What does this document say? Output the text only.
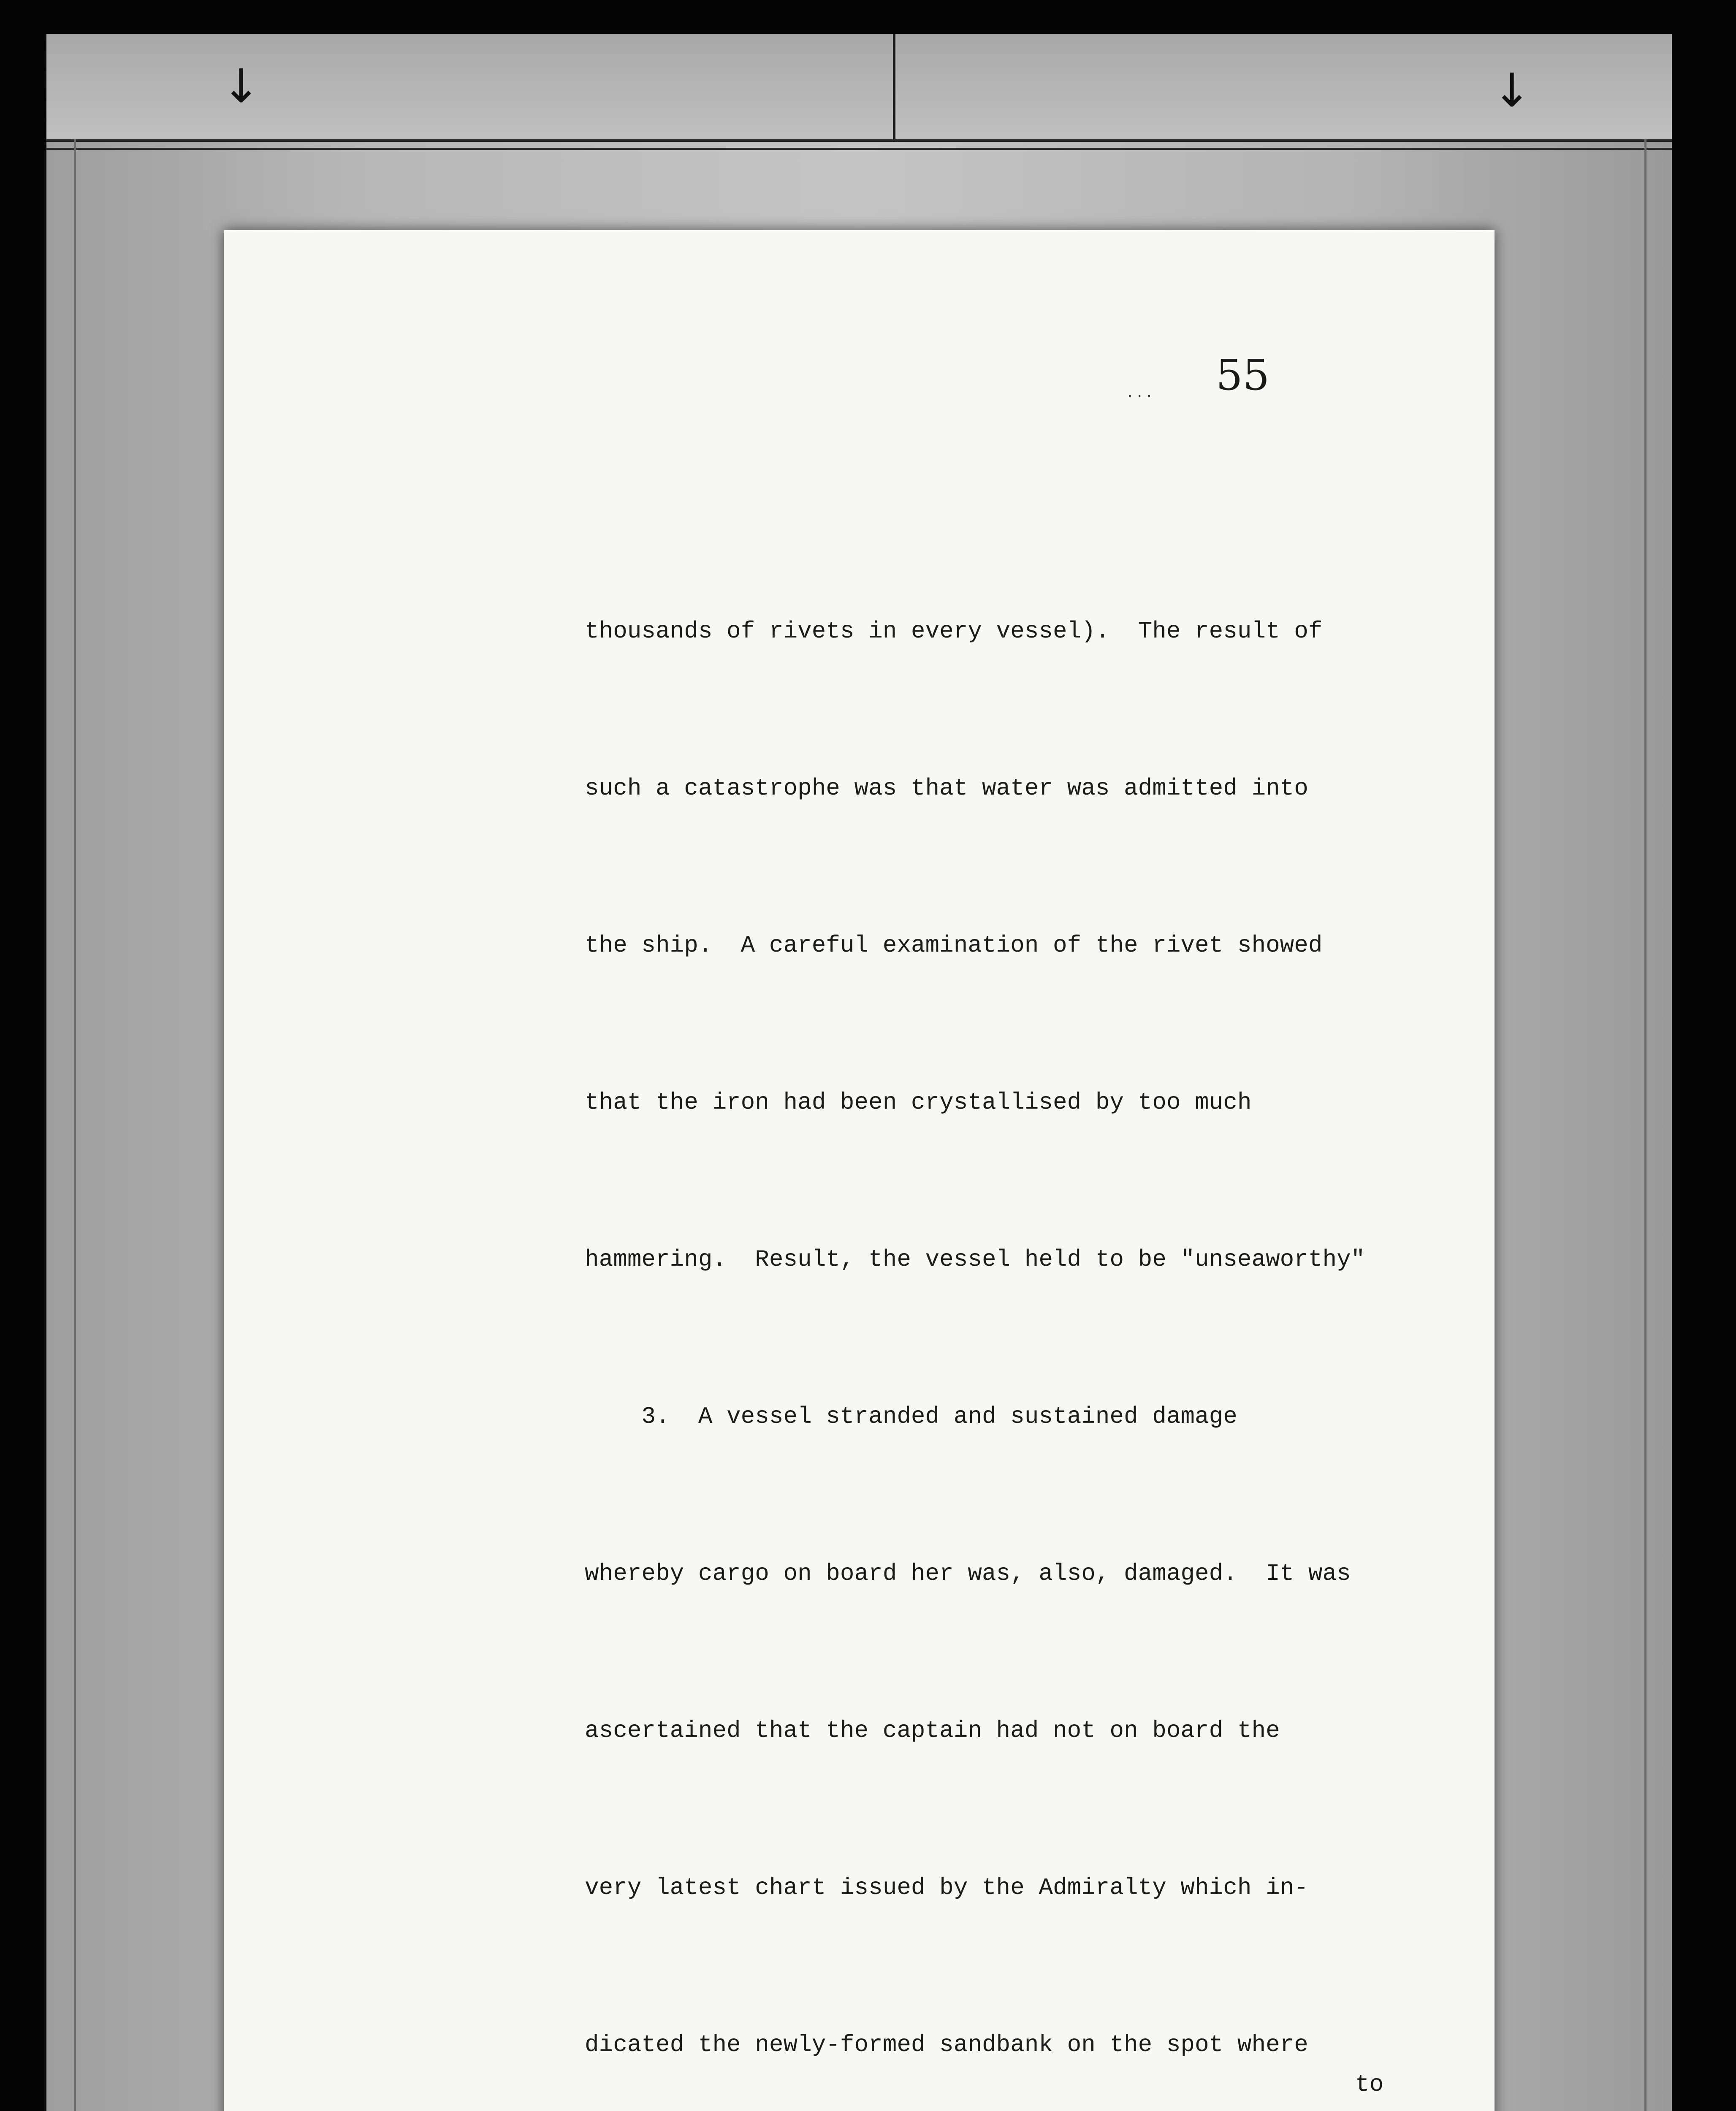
↓	↓
... 55

thousands of rivets in every vessel).  The result of

such a catastrophe was that water was admitted into

the ship.  A careful examination of the rivet showed

that the iron had been crystallised by too much

hammering.  Result, the vessel held to be "unseaworthy"

3.  A vessel stranded and sustained damage

whereby cargo on board her was, also, damaged.  It was

ascertained that the captain had not on board the

very latest chart issued by the Admiralty which in-

dicated the newly-formed sandbank on the spot where

to
